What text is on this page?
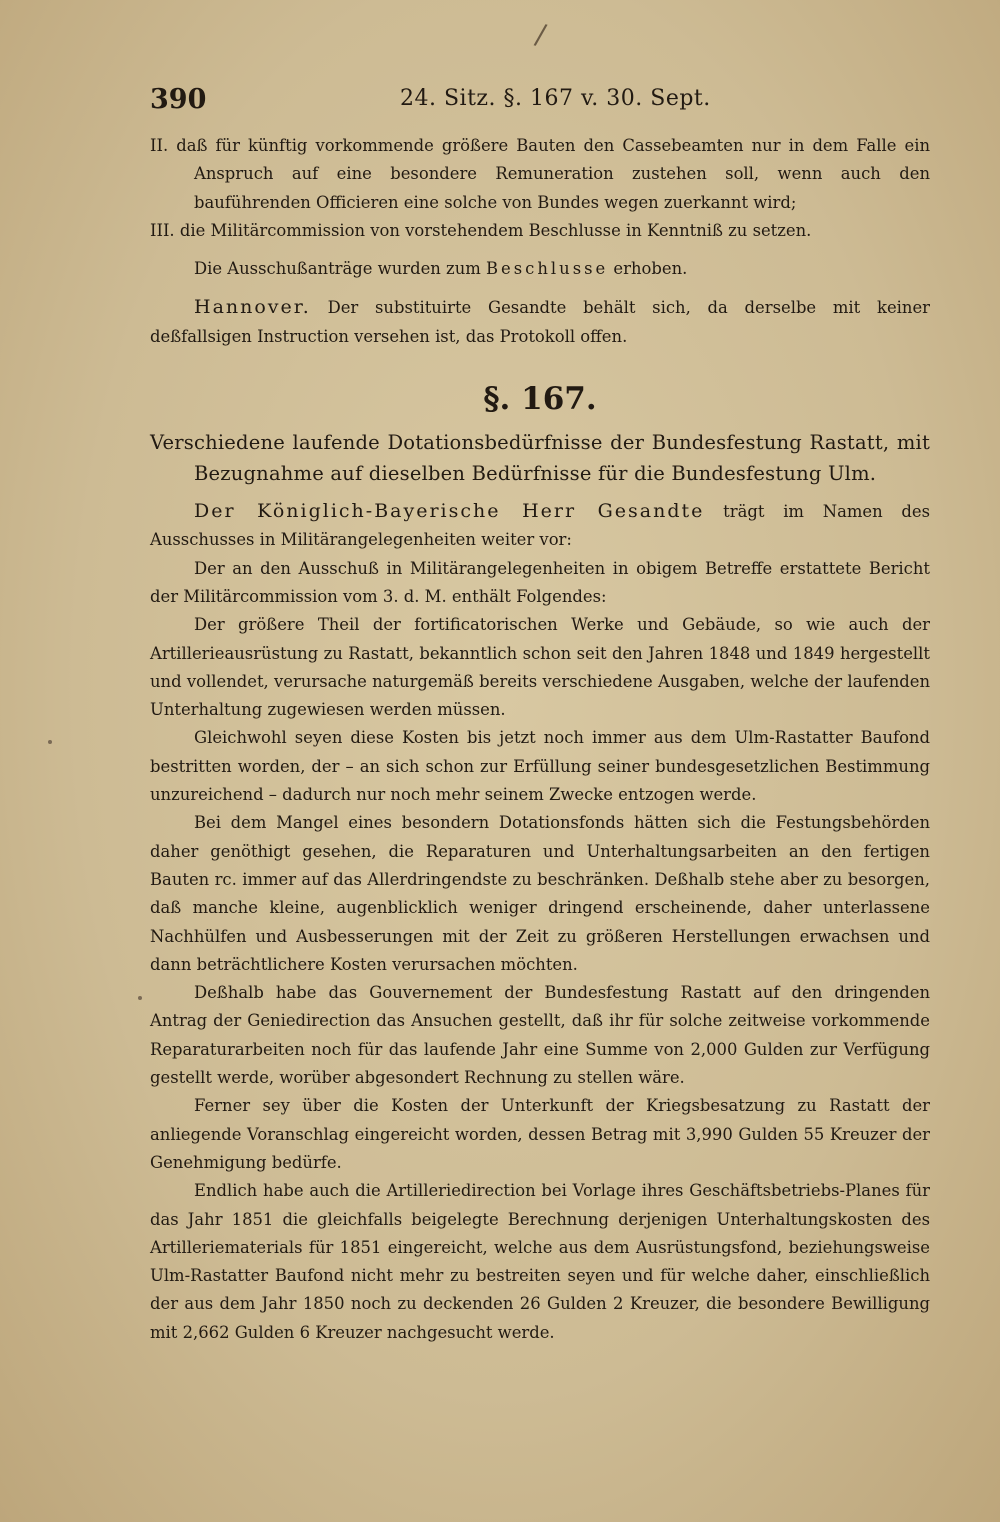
/
390	24. Sitz. §. 167 v. 30. Sept.

II. daß für künftig vorkommende größere Bauten den Cassebeamten nur in dem Falle ein Anspruch auf eine besondere Remuneration zustehen soll, wenn auch den bauführenden Officieren eine solche von Bundes wegen zuerkannt wird;

III. die Militärcommission von vorstehendem Beschlusse in Kenntniß zu setzen.

Die Ausschußanträge wurden zum Beschlusse erhoben.

Hannover. Der substituirte Gesandte behält sich, da derselbe mit keiner deßfallsigen Instruction versehen ist, das Protokoll offen.

§. 167.

Verschiedene laufende Dotationsbedürfnisse der Bundesfestung Rastatt, mit Bezugnahme auf dieselben Bedürfnisse für die Bundesfestung Ulm.

Der Königlich-Bayerische Herr Gesandte trägt im Namen des Ausschusses in Militärangelegenheiten weiter vor:

Der an den Ausschuß in Militärangelegenheiten in obigem Betreffe erstattete Bericht der Militärcommission vom 3. d. M. enthält Folgendes:

Der größere Theil der fortificatorischen Werke und Gebäude, so wie auch der Artillerieausrüstung zu Rastatt, bekanntlich schon seit den Jahren 1848 und 1849 hergestellt und vollendet, verursache naturgemäß bereits verschiedene Ausgaben, welche der laufenden Unterhaltung zugewiesen werden müssen.

Gleichwohl seyen diese Kosten bis jetzt noch immer aus dem Ulm-Rastatter Baufond bestritten worden, der – an sich schon zur Erfüllung seiner bundesgesetzlichen Bestimmung unzureichend – dadurch nur noch mehr seinem Zwecke entzogen werde.

Bei dem Mangel eines besondern Dotationsfonds hätten sich die Festungsbehörden daher genöthigt gesehen, die Reparaturen und Unterhaltungsarbeiten an den fertigen Bauten rc. immer auf das Allerdringendste zu beschränken. Deßhalb stehe aber zu besorgen, daß manche kleine, augenblicklich weniger dringend erscheinende, daher unterlassene Nachhülfen und Ausbesserungen mit der Zeit zu größeren Herstellungen erwachsen und dann beträchtlichere Kosten verursachen möchten.

Deßhalb habe das Gouvernement der Bundesfestung Rastatt auf den dringenden Antrag der Geniedirection das Ansuchen gestellt, daß ihr für solche zeitweise vorkommende Reparaturarbeiten noch für das laufende Jahr eine Summe von 2,000 Gulden zur Verfügung gestellt werde, worüber abgesondert Rechnung zu stellen wäre.

Ferner sey über die Kosten der Unterkunft der Kriegsbesatzung zu Rastatt der anliegende Voranschlag eingereicht worden, dessen Betrag mit 3,990 Gulden 55 Kreuzer der Genehmigung bedürfe.

Endlich habe auch die Artilleriedirection bei Vorlage ihres Geschäftsbetriebs-Planes für das Jahr 1851 die gleichfalls beigelegte Berechnung derjenigen Unterhaltungskosten des Artilleriematerials für 1851 eingereicht, welche aus dem Ausrüstungsfond, beziehungsweise Ulm-Rastatter Baufond nicht mehr zu bestreiten seyen und für welche daher, einschließlich der aus dem Jahr 1850 noch zu deckenden 26 Gulden 2 Kreuzer, die besondere Bewilligung mit 2,662 Gulden 6 Kreuzer nachgesucht werde.
